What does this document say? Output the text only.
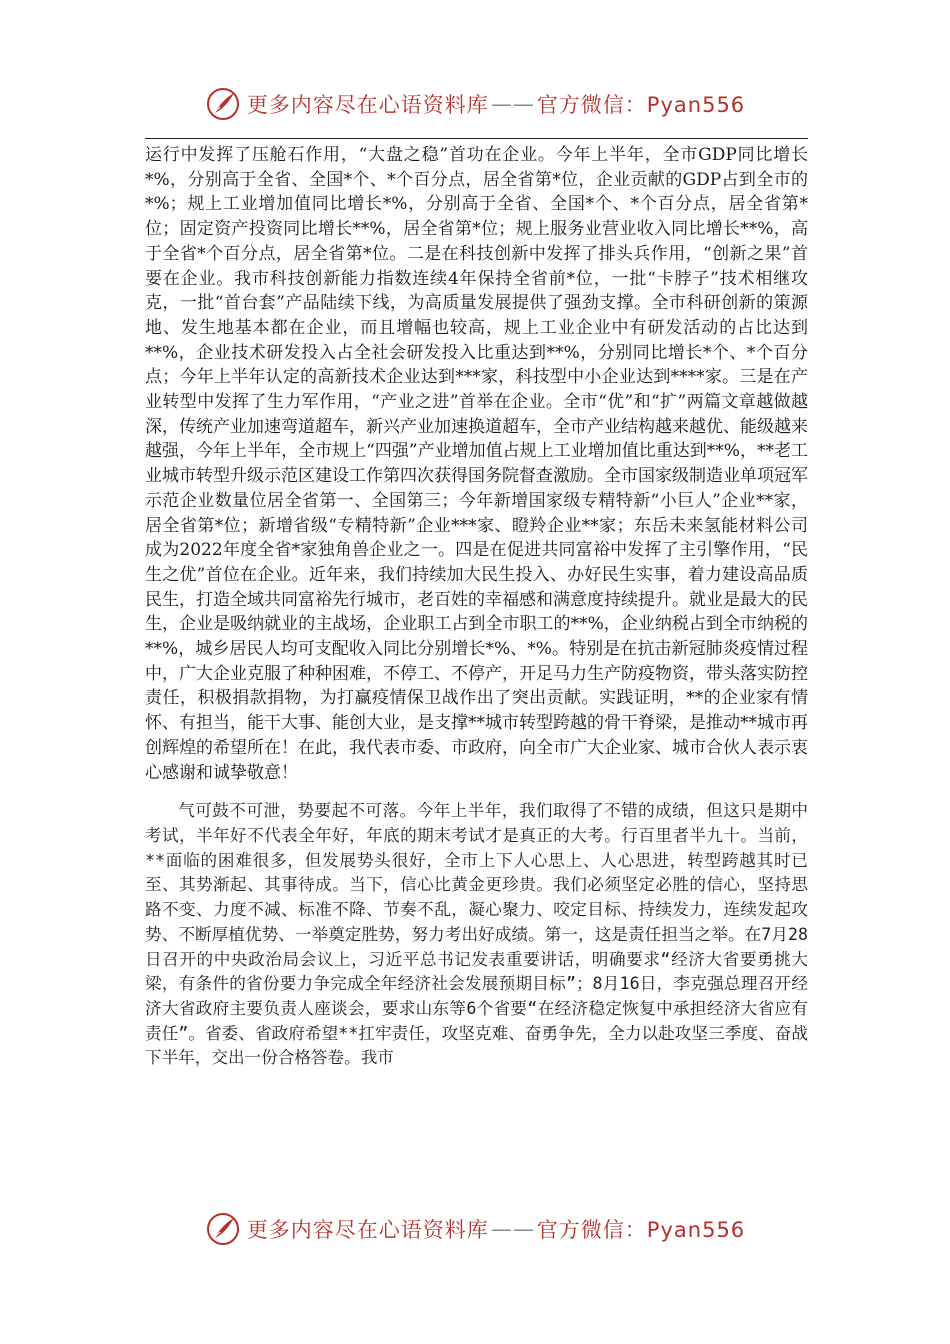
更多内容尽在心语资料库 —— 官方微信：Pyan556

运行中发挥了压舱石作用，“大盘之稳”首功在企业。今年上半年，全市GDP同比增长*%，分别高于全省、全国*个、*个百分点，居全省第*位，企业贡献的GDP占到全市的*%；规上工业增加值同比增长*%，分别高于全省、全国*个、*个百分点，居全省第*位；固定资产投资同比增长**%，居全省第*位；规上服务业营业收入同比增长**%，高于全省*个百分点，居全省第*位。二是在科技创新中发挥了排头兵作用，“创新之果”首要在企业。我市科技创新能力指数连续4年保持全省前*位，一批“卡脖子”技术相继攻克，一批“首台套”产品陆续下线，为高质量发展提供了强劲支撑。全市科研创新的策源地、发生地基本都在企业，而且增幅也较高，规上工业企业中有研发活动的占比达到**%，企业技术研发投入占全社会研发投入比重达到**%，分别同比增长*个、*个百分点；今年上半年认定的高新技术企业达到***家，科技型中小企业达到****家。三是在产业转型中发挥了生力军作用，“产业之进”首举在企业。全市“优”和“扩”两篇文章越做越深，传统产业加速弯道超车，新兴产业加速换道超车，全市产业结构越来越优、能级越来越强，今年上半年，全市规上“四强”产业增加值占规上工业增加值比重达到**%，**老工业城市转型升级示范区建设工作第四次获得国务院督查激励。全市国家级制造业单项冠军示范企业数量位居全省第一、全国第三；今年新增国家级专精特新“小巨人”企业**家，居全省第*位；新增省级“专精特新”企业***家、瞪羚企业**家；东岳未来氢能材料公司成为2022年度全省*家独角兽企业之一。四是在促进共同富裕中发挥了主引擎作用，“民生之优”首位在企业。近年来，我们持续加大民生投入、办好民生实事，着力建设高品质民生，打造全域共同富裕先行城市，老百姓的幸福感和满意度持续提升。就业是最大的民生，企业是吸纳就业的主战场，企业职工占到全市职工的**%，企业纳税占到全市纳税的**%，城乡居民人均可支配收入同比分别增长*%、*%。特别是在抗击新冠肺炎疫情过程中，广大企业克服了种种困难，不停工、不停产，开足马力生产防疫物资，带头落实防控责任，积极捐款捐物，为打赢疫情保卫战作出了突出贡献。实践证明，**的企业家有情怀、有担当，能干大事、能创大业，是支撑**城市转型跨越的骨干脊梁，是推动**城市再创辉煌的希望所在！在此，我代表市委、市政府，向全市广大企业家、城市合伙人表示衷心感谢和诚挚敬意！

气可鼓不可泄，势要起不可落。今年上半年，我们取得了不错的成绩，但这只是期中考试，半年好不代表全年好，年底的期末考试才是真正的大考。行百里者半九十。当前，**面临的困难很多，但发展势头很好，全市上下人心思上、人心思进，转型跨越其时已至、其势渐起、其事待成。当下，信心比黄金更珍贵。我们必须坚定必胜的信心，坚持思路不变、力度不减、标准不降、节奏不乱，凝心聚力、咬定目标、持续发力，连续发起攻势、不断厚植优势、一举奠定胜势，努力考出好成绩。第一，这是责任担当之举。在7月28日召开的中央政治局会议上，习近平总书记发表重要讲话，明确要求“经济大省要勇挑大梁，有条件的省份要力争完成全年经济社会发展预期目标”；8月16日，李克强总理召开经济大省政府主要负责人座谈会，要求山东等6个省要“在经济稳定恢复中承担经济大省应有责任”。省委、省政府希望**扛牢责任，攻坚克难、奋勇争先，全力以赴攻坚三季度、奋战下半年，交出一份合格答卷。我市

更多内容尽在心语资料库 —— 官方微信：Pyan556
